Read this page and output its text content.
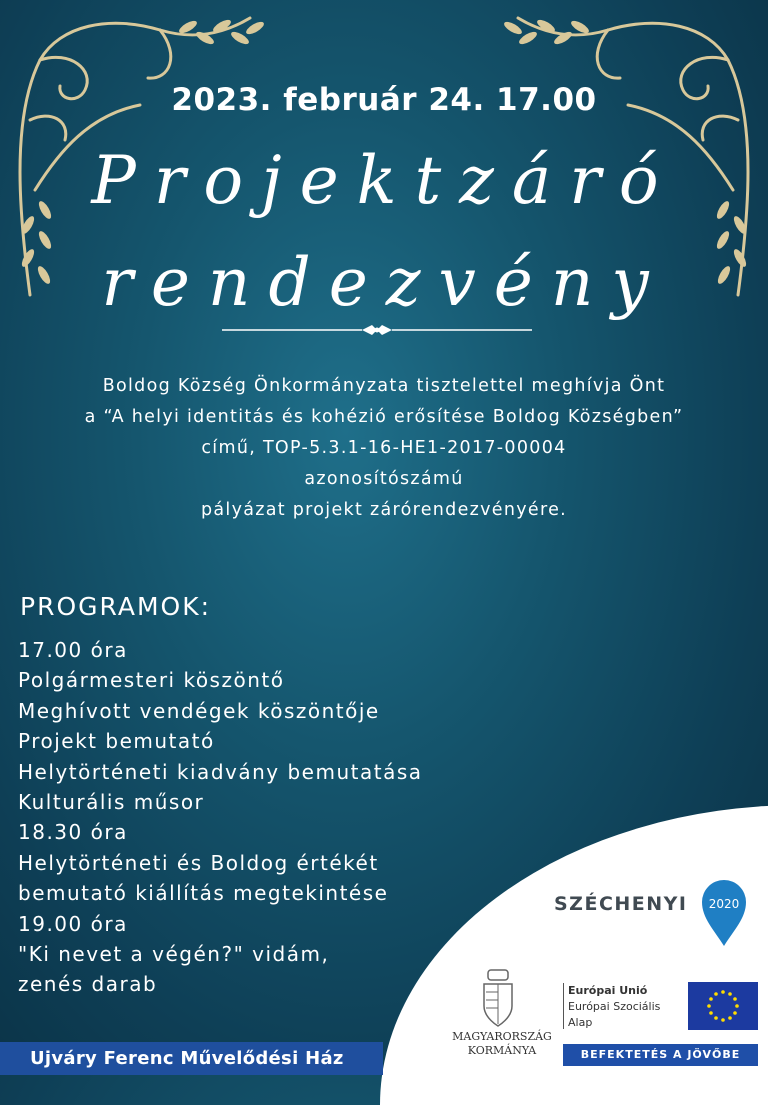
2023. február 24. 17.00
Projektzáró
rendezvény
Boldog Község Önkormányzata tisztelettel meghívja Önt
a “A helyi identitás és kohézió erősítése Boldog Községben”
című, TOP-5.3.1-16-HE1-2017-00004
azonosítószámú
pályázat projekt zárórendezvényére.
PROGRAMOK:
17.00 óra
Polgármesteri köszöntő
Meghívott vendégek köszöntője
Projekt bemutató
Helytörténeti kiadvány bemutatása
Kulturális műsor
18.30 óra
Helytörténeti és Boldog értékét
bemutató kiállítás megtekintése
19.00 óra
"Ki nevet a végén?" vidám,
zenés darab
SZÉCHENYI 2020
MAGYARORSZÁG
KORMÁNYA
Európai Unió
Európai Szociális
Alap
BEFEKTETÉS A JÖVŐBE
Ujváry Ferenc Művelődési Ház
